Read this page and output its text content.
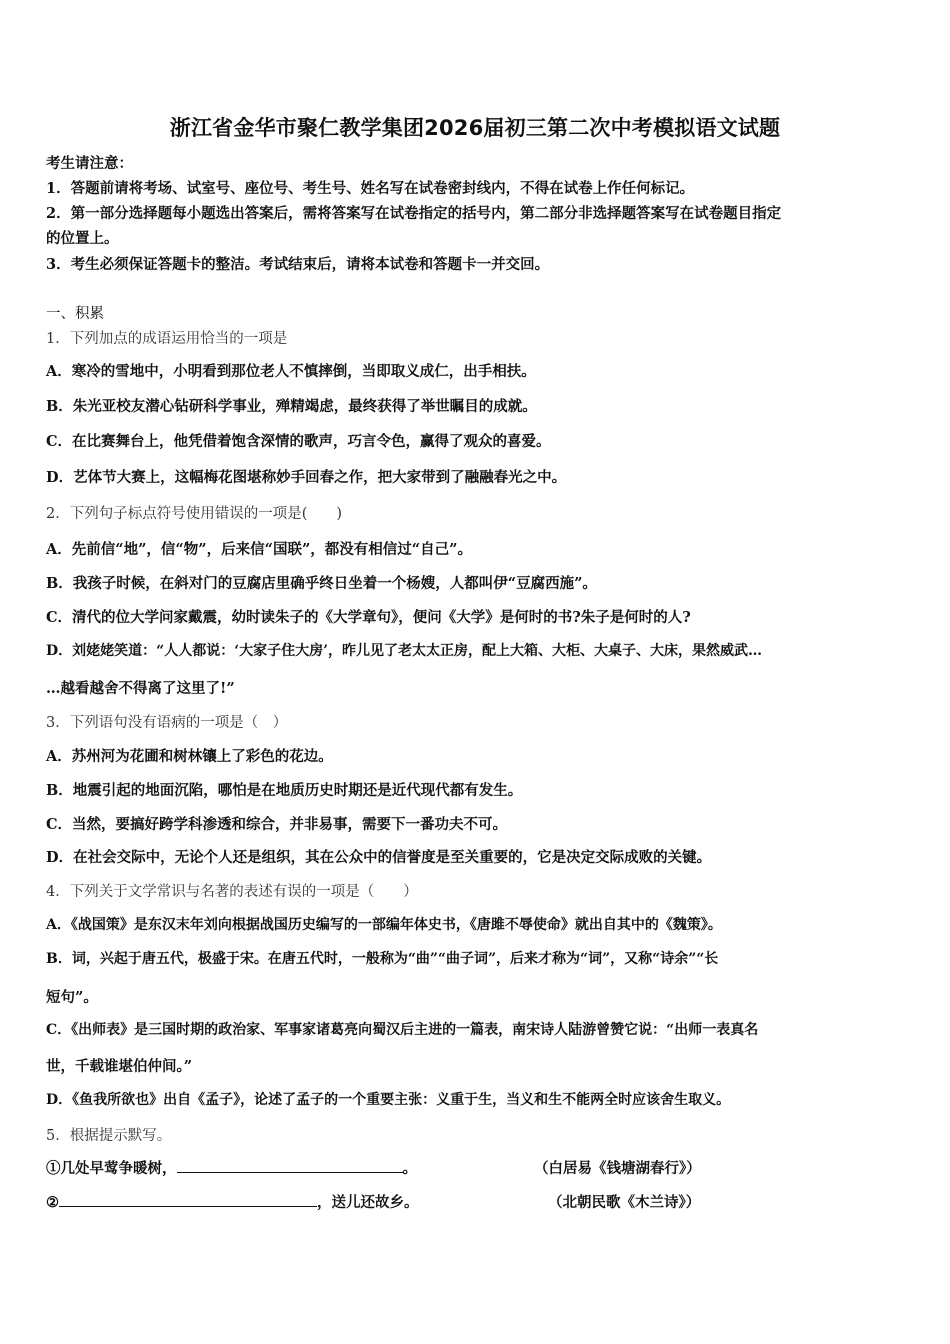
浙江省金华市聚仁教学集团2026届初三第二次中考模拟语文试题
考生请注意：
1．答题前请将考场、试室号、座位号、考生号、姓名写在试卷密封线内，不得在试卷上作任何标记。
2．第一部分选择题每小题选出答案后，需将答案写在试卷指定的括号内，第二部分非选择题答案写在试卷题目指定
的位置上。
3．考生必须保证答题卡的整洁。考试结束后，请将本试卷和答题卡一并交回。
一、积累
1．下列加点的成语运用恰当的一项是
A．寒冷的雪地中，小明看到那位老人不慎摔倒，当即取义成仁，出手相扶。
B．朱光亚校友潜心钻研科学事业，殚精竭虑，最终获得了举世瞩目的成就。
C．在比赛舞台上，他凭借着饱含深情的歌声，巧言令色，赢得了观众的喜爱。
D．艺体节大赛上，这幅梅花图堪称妙手回春之作，把大家带到了融融春光之中。
2．下列句子标点符号使用错误的一项是(　　)
A．先前信“地”，信“物”，后来信“国联”，都没有相信过“自己”。
B．我孩子时候，在斜对门的豆腐店里确乎终日坐着一个杨嫂，人都叫伊“豆腐西施”。
C．清代的位大学问家戴震，幼时读朱子的《大学章句》，便问《大学》是何时的书?朱子是何时的人?
D．刘姥姥笑道：“人人都说：‘大家子住大房’，昨儿见了老太太正房，配上大箱、大柜、大桌子、大床，果然威武…
…越看越舍不得离了这里了!”
3．下列语句没有语病的一项是（　）
A．苏州河为花圃和树林镶上了彩色的花边。
B．地震引起的地面沉陷，哪怕是在地质历史时期还是近代现代都有发生。
C．当然，要搞好跨学科渗透和综合，并非易事，需要下一番功夫不可。
D．在社会交际中，无论个人还是组织，其在公众中的信誉度是至关重要的，它是决定交际成败的关键。
4．下列关于文学常识与名著的表述有误的一项是（　　）
A．《战国策》是东汉末年刘向根据战国历史编写的一部编年体史书，《唐雎不辱使命》就出自其中的《魏策》。
B．词，兴起于唐五代，极盛于宋。在唐五代时，一般称为“曲”“曲子词”，后来才称为“词”，又称“诗余”“长
短句”。
C．《出师表》是三国时期的政治家、军事家诸葛亮向蜀汉后主进的一篇表，南宋诗人陆游曾赞它说：“出师一表真名
世，千载谁堪伯仲间。”
D．《鱼我所欲也》出自《孟子》，论述了孟子的一个重要主张：义重于生，当义和生不能两全时应该舍生取义。
5．根据提示默写。
①几处早莺争暖树，	。	（白居易《钱塘湖春行》）
②	，送儿还故乡。	（北朝民歌《木兰诗》）
